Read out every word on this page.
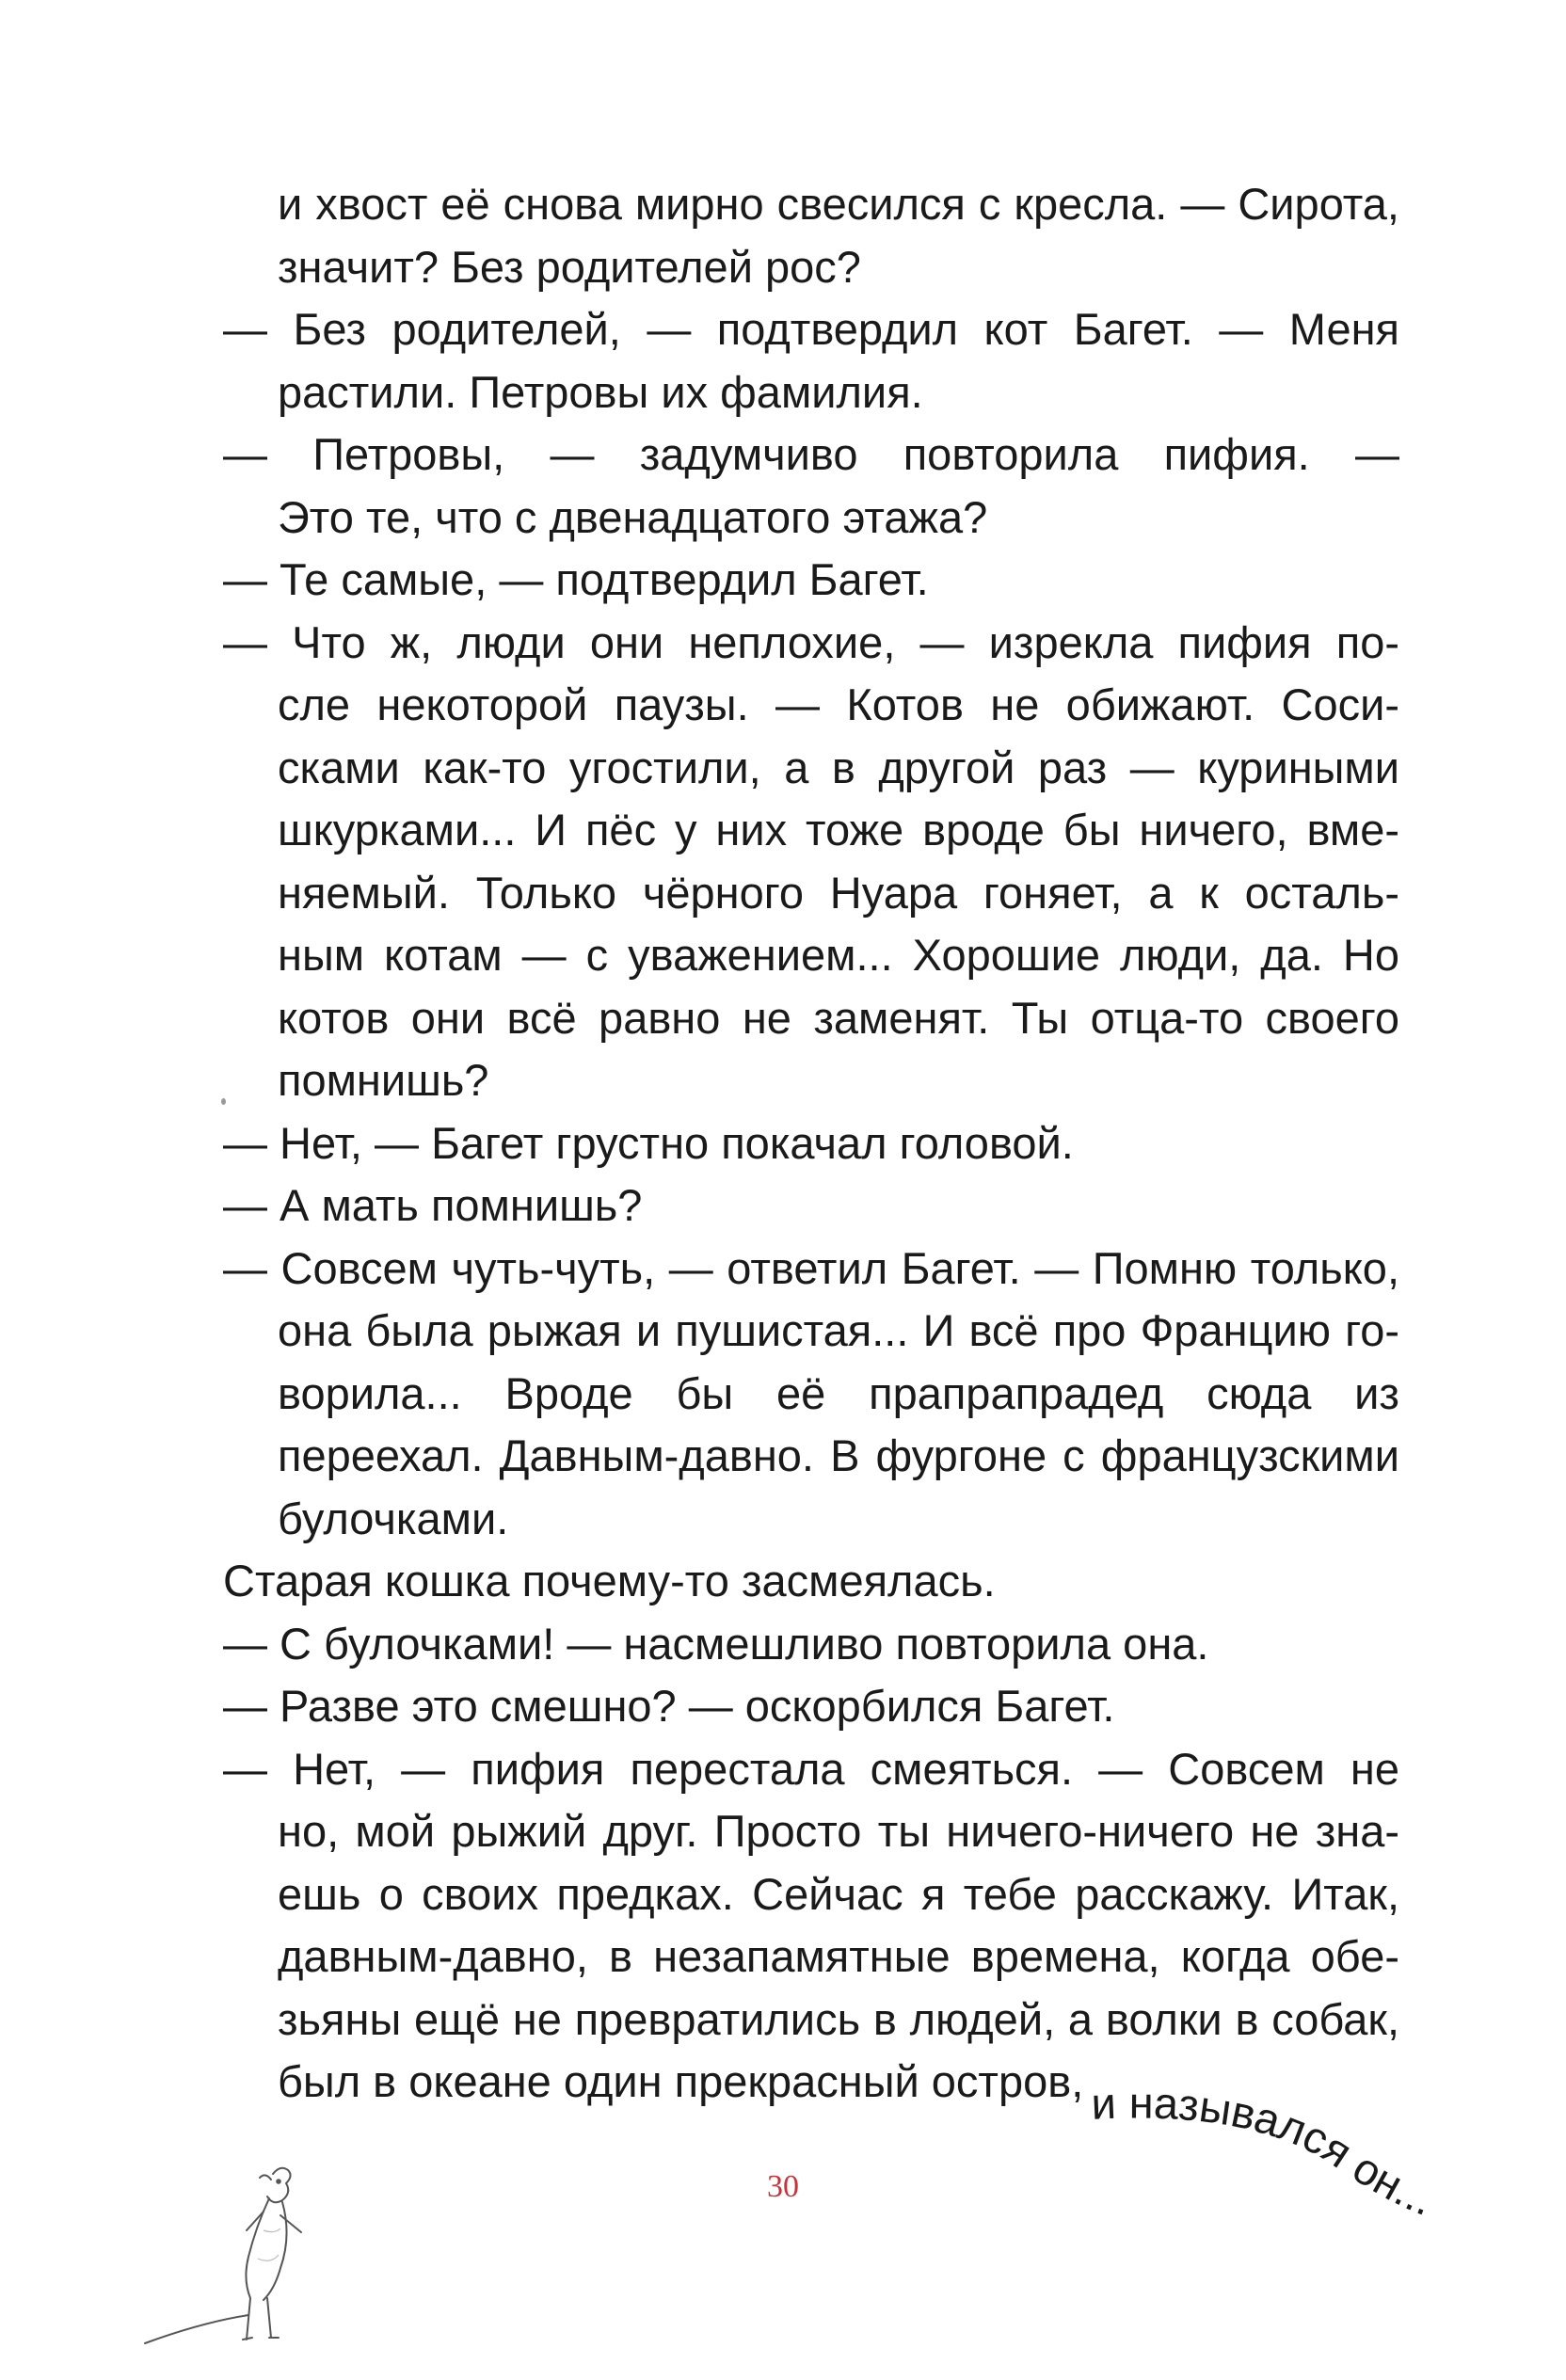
и хвост её снова мирно свесился с кресла. — Сирота,
значит? Без родителей рос?
— Без родителей, — подтвердил кот Багет. — Меня
растили. Петровы их фамилия.
— Петровы, — задумчиво повторила пифия. —
Это те, что с двенадцатого этажа?
— Те самые, — подтвердил Багет.
— Что ж, люди они неплохие, — изрекла пифия по-
сле некоторой паузы. — Котов не обижают. Соси-
сками как-то угостили, а в другой раз — куриными
шкурками... И пёс у них тоже вроде бы ничего, вме-
няемый. Только чёрного Нуара гоняет, а к осталь-
ным котам — с уважением... Хорошие люди, да. Но
котов они всё равно не заменят. Ты отца-то своего
помнишь?
— Нет, — Багет грустно покачал головой.
— А мать помнишь?
— Совсем чуть-чуть, — ответил Багет. — Помню только,
она была рыжая и пушистая... И всё про Францию го-
ворила... Вроде бы её прапрапрадед сюда из
переехал. Давным-давно. В фургоне с французскими
булочками.
Старая кошка почему-то засмеялась.
— С булочками! — насмешливо повторила она.
— Разве это смешно? — оскорбился Багет.
— Нет, — пифия перестала смеяться. — Совсем не
но, мой рыжий друг. Просто ты ничего-ничего не зна-
ешь о своих предках. Сейчас я тебе расскажу. Итак,
давным-давно, в незапамятные времена, когда обе-
зьяны ещё не превратились в людей, а волки в собак,
был в океане один прекрасный остров, и назывался он...
30
